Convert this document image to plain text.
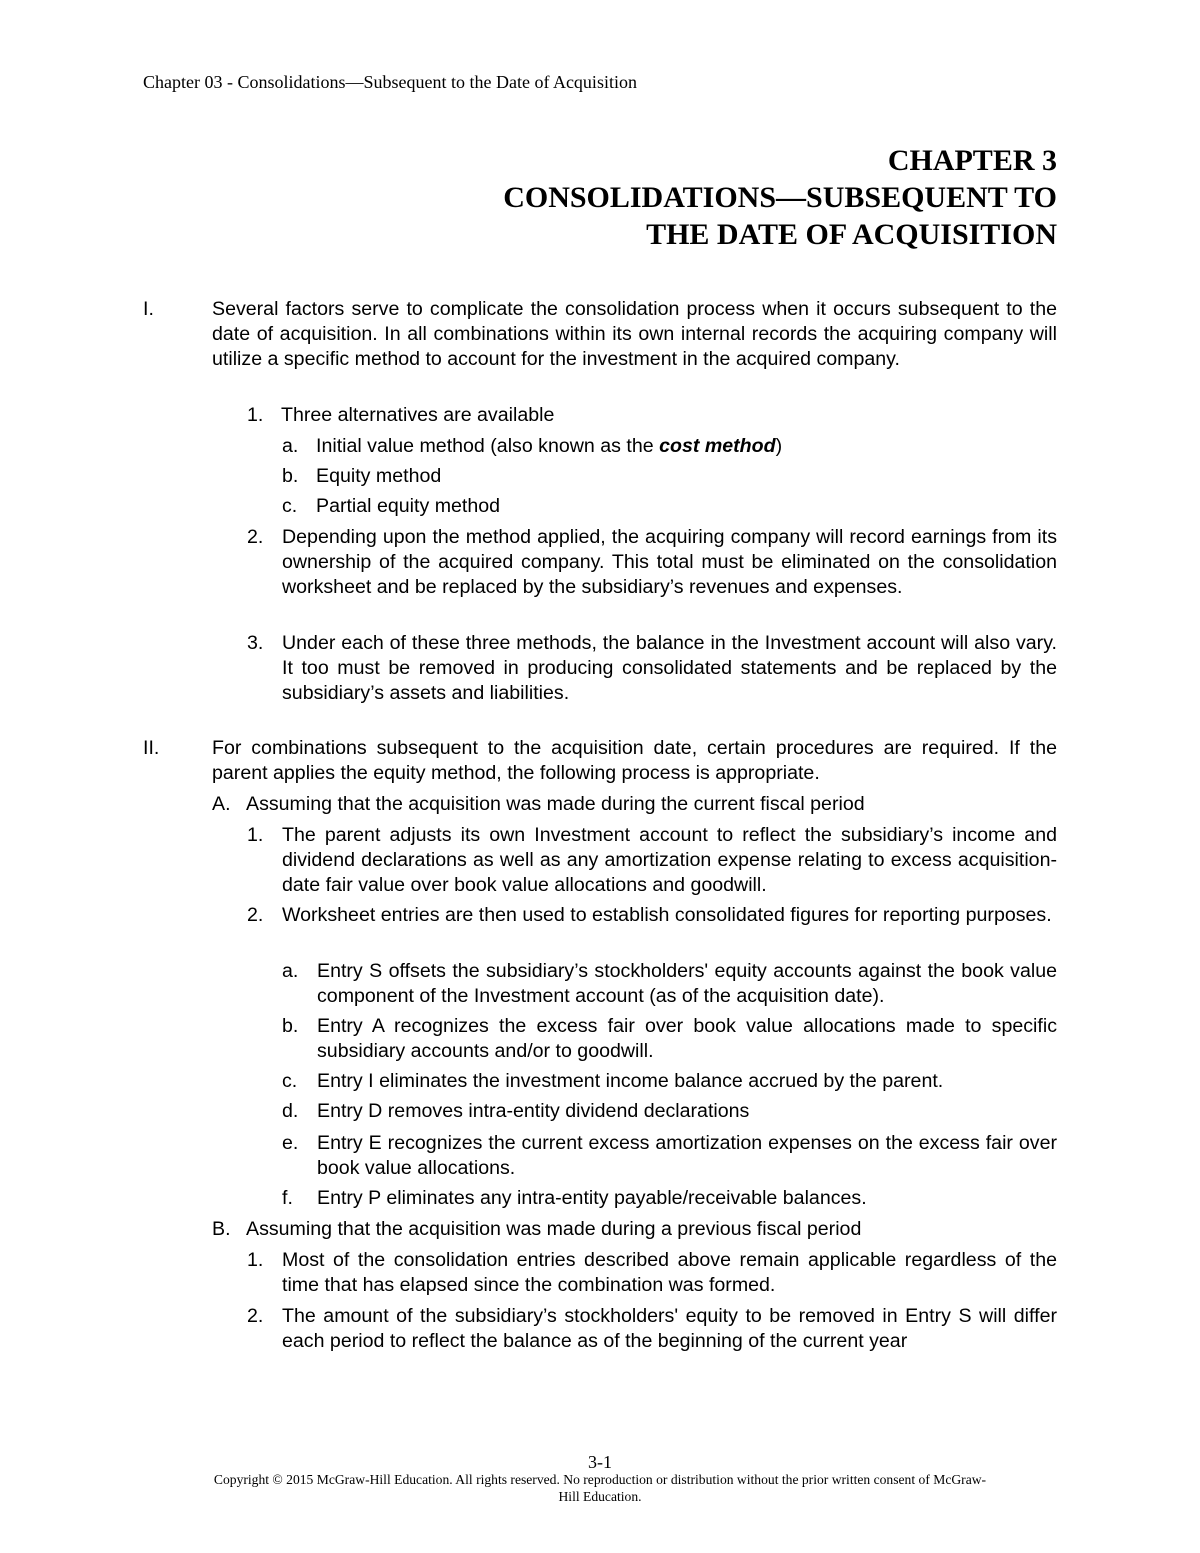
Chapter 03 - Consolidations—Subsequent to the Date of Acquisition
CHAPTER 3
CONSOLIDATIONS—SUBSEQUENT TO
THE DATE OF ACQUISITION
I.	Several factors serve to complicate the consolidation process when it occurs subsequent to the date of acquisition. In all combinations within its own internal records the acquiring company will utilize a specific method to account for the investment in the acquired company.

1. Three alternatives are available

a. Initial value method (also known as the cost method)

b. Equity method

c. Partial equity method

2. Depending upon the method applied, the acquiring company will record earnings from its ownership of the acquired company. This total must be eliminated on the consolidation worksheet and be replaced by the subsidiary’s revenues and expenses.

3. Under each of these three methods, the balance in the Investment account will also vary. It too must be removed in producing consolidated statements and be replaced by the subsidiary’s assets and liabilities.

II.	For combinations subsequent to the acquisition date, certain procedures are required. If the parent applies the equity method, the following process is appropriate.

A. Assuming that the acquisition was made during the current fiscal period

1. The parent adjusts its own Investment account to reflect the subsidiary’s income and dividend declarations as well as any amortization expense relating to excess acquisition-date fair value over book value allocations and goodwill.

2. Worksheet entries are then used to establish consolidated figures for reporting purposes.

a. Entry S offsets the subsidiary’s stockholders' equity accounts against the book value component of the Investment account (as of the acquisition date).

b. Entry A recognizes the excess fair over book value allocations made to specific subsidiary accounts and/or to goodwill.

c. Entry I eliminates the investment income balance accrued by the parent.

d. Entry D removes intra-entity dividend declarations

e. Entry E recognizes the current excess amortization expenses on the excess fair over book value allocations.

f. Entry P eliminates any intra-entity payable/receivable balances.

B. Assuming that the acquisition was made during a previous fiscal period

1. Most of the consolidation entries described above remain applicable regardless of the time that has elapsed since the combination was formed.

2. The amount of the subsidiary’s stockholders' equity to be removed in Entry S will differ each period to reflect the balance as of the beginning of the current year

3-1
Copyright © 2015 McGraw-Hill Education. All rights reserved. No reproduction or distribution without the prior written consent of McGraw-
Hill Education.
